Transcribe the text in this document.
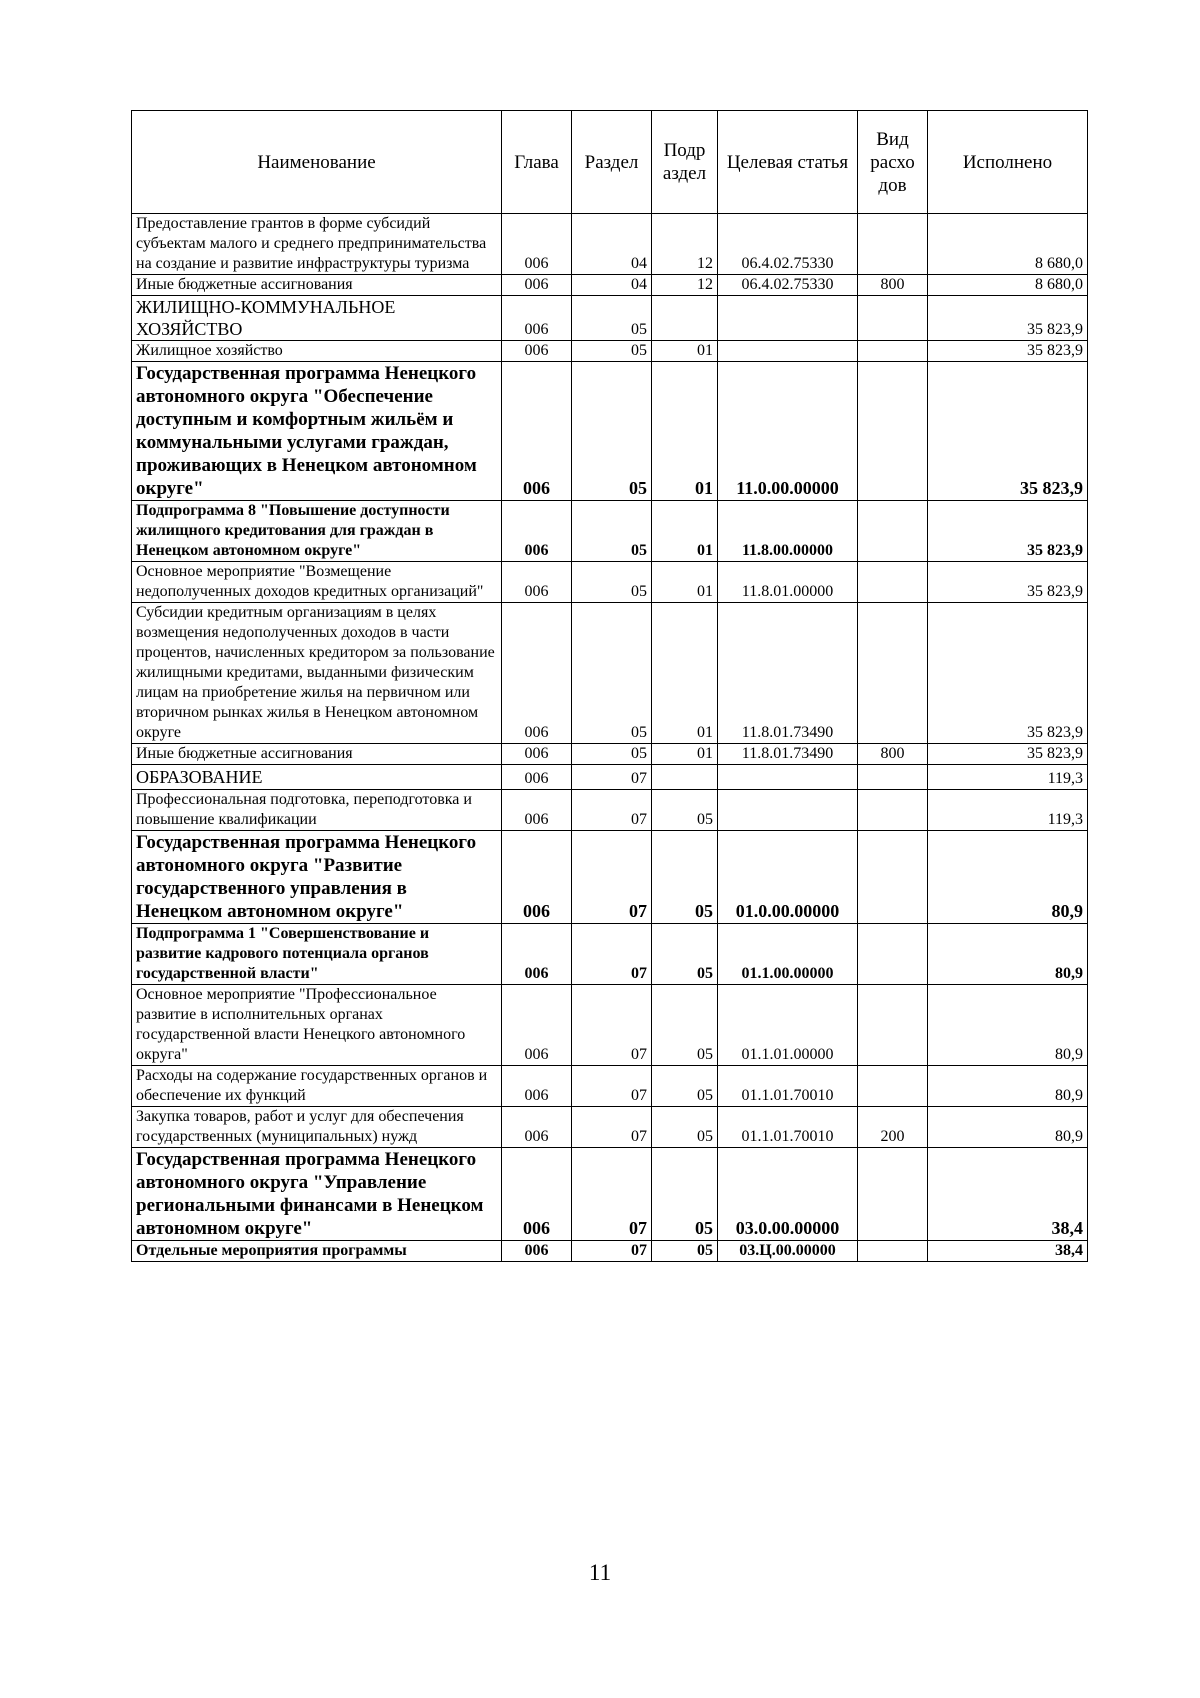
Наименование	Глава	Раздел	Подр аздел	Целевая статья	Вид расхо дов	Исполнено
Предоставление грантов в форме субсидий субъектам малого и среднего предпринимательства на создание и развитие инфраструктуры туризма	006	04	12	06.4.02.75330		8 680,0
Иные бюджетные ассигнования	006	04	12	06.4.02.75330	800	8 680,0
ЖИЛИЩНО-КОММУНАЛЬНОЕ ХОЗЯЙСТВО	006	05				35 823,9
Жилищное хозяйство	006	05	01			35 823,9
Государственная программа Ненецкого автономного округа "Обеспечение доступным и комфортным жильём и коммунальными услугами граждан, проживающих в Ненецком автономном округе"	006	05	01	11.0.00.00000		35 823,9
Подпрограмма 8 "Повышение доступности жилищного кредитования для граждан в Ненецком автономном округе"	006	05	01	11.8.00.00000		35 823,9
Основное мероприятие "Возмещение недополученных доходов кредитных организаций"	006	05	01	11.8.01.00000		35 823,9
Субсидии кредитным организациям в целях возмещения недополученных доходов в части процентов, начисленных кредитором за пользование жилищными кредитами, выданными физическим лицам на приобретение жилья на первичном или вторичном рынках жилья в Ненецком автономном округе	006	05	01	11.8.01.73490		35 823,9
Иные бюджетные ассигнования	006	05	01	11.8.01.73490	800	35 823,9
ОБРАЗОВАНИЕ	006	07				119,3
Профессиональная подготовка, переподготовка и повышение квалификации	006	07	05			119,3
Государственная программа Ненецкого автономного округа "Развитие государственного управления в Ненецком автономном округе"	006	07	05	01.0.00.00000		80,9
Подпрограмма 1 "Совершенствование и развитие кадрового потенциала органов государственной власти"	006	07	05	01.1.00.00000		80,9
Основное мероприятие "Профессиональное развитие в исполнительных органах государственной власти Ненецкого автономного округа"	006	07	05	01.1.01.00000		80,9
Расходы на содержание государственных органов и обеспечение их функций	006	07	05	01.1.01.70010		80,9
Закупка товаров, работ и услуг для обеспечения государственных (муниципальных) нужд	006	07	05	01.1.01.70010	200	80,9
Государственная программа Ненецкого автономного округа "Управление региональными финансами в Ненецком автономном округе"	006	07	05	03.0.00.00000		38,4
Отдельные мероприятия программы	006	07	05	03.Ц.00.00000		38,4
11
